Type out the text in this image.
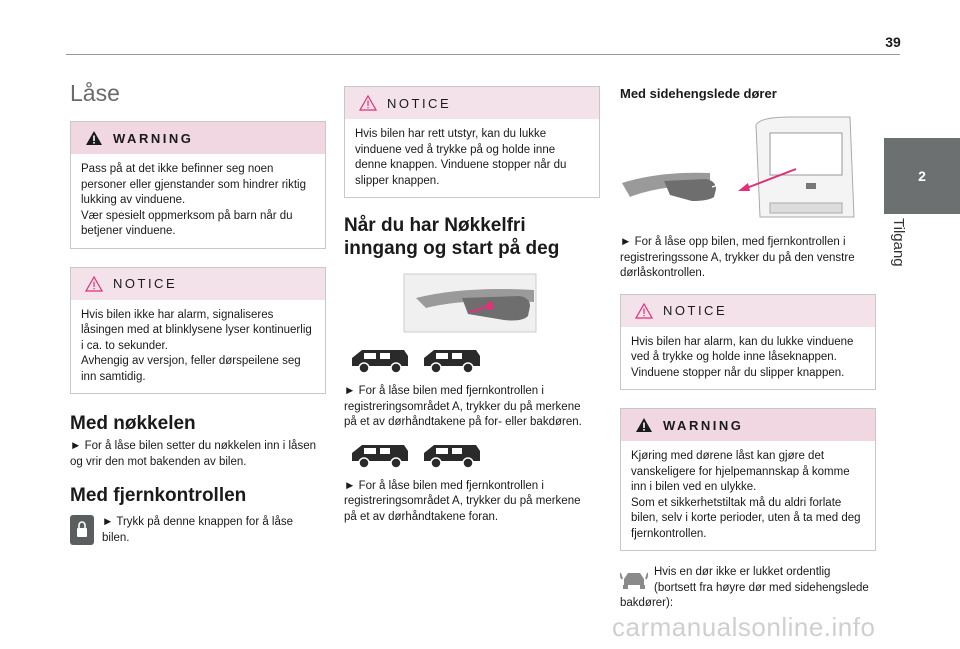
39
2
Tilgang
Låse
WARNING
Pass på at det ikke befinner seg noen
personer eller gjenstander som hindrer riktig
lukking av vinduene.
Vær spesielt oppmerksom på barn når du
betjener vinduene.
NOTICE
Hvis bilen ikke har alarm, signaliseres
låsingen med at blinklysene lyser kontinuerlig
i ca. to sekunder.
Avhengig av versjon, feller dørspeilene seg
inn samtidig.
Med nøkkelen
► For å låse bilen setter du nøkkelen inn i låsen
og vrir den mot bakenden av bilen.
Med fjernkontrollen
► Trykk på denne knappen for å låse
bilen.
NOTICE
Hvis bilen har rett utstyr, kan du lukke
vinduene ved å trykke på og holde inne
denne knappen. Vinduene stopper når du
slipper knappen.
Når du har Nøkkelfri
inngang og start på deg
► For å låse bilen med fjernkontrollen i
registreringsområdet A, trykker du på merkene
på et av dørhåndtakene på for- eller bakdøren.
► For å låse bilen med fjernkontrollen i
registreringsområdet A, trykker du på merkene
på et av dørhåndtakene foran.
Med sidehengslede dører
► For å låse opp bilen, med fjernkontrollen i
registreringssone A, trykker du på den venstre
dørlåskontrollen.
NOTICE
Hvis bilen har alarm, kan du lukke vinduene
ved å trykke og holde inne låseknappen.
Vinduene stopper når du slipper knappen.
WARNING
Kjøring med dørene låst kan gjøre det
vanskeligere for hjelpemannskap å komme
inn i bilen ved en ulykke.
Som et sikkerhetstiltak må du aldri forlate
bilen, selv i korte perioder, uten å ta med deg
fjernkontrollen.
Hvis en dør ikke er lukket ordentlig
(bortsett fra høyre dør med sidehengslede
bakdører):
carmanualsonline.info
